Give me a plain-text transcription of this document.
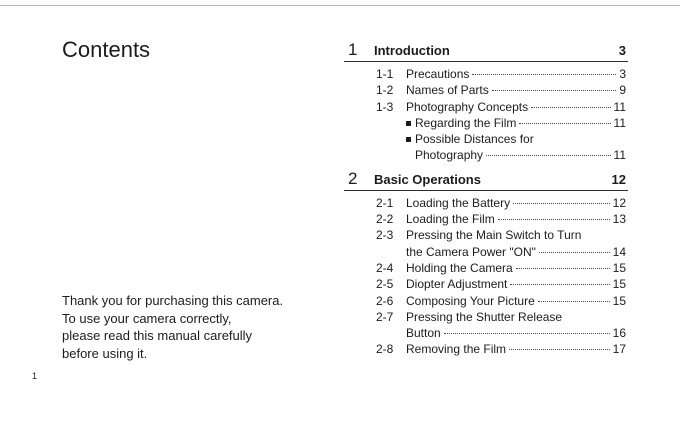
Contents
Thank you for purchasing this camera.
To use your camera correctly,
please read this manual carefully
before using it.
1
1 Introduction	3
1-1	Precautions	3
1-2	Names of Parts	9
1-3	Photography Concepts	11
Regarding the Film	11
Possible Distances for
Photography	11
2 Basic Operations	12
2-1	Loading the Battery	12
2-2	Loading the Film	13
2-3	Pressing the Main Switch to Turn
the Camera Power "ON"	14
2-4	Holding the Camera	15
2-5	Diopter Adjustment	15
2-6	Composing Your Picture	15
2-7	Pressing the Shutter Release
Button	16
2-8	Removing the Film	17
